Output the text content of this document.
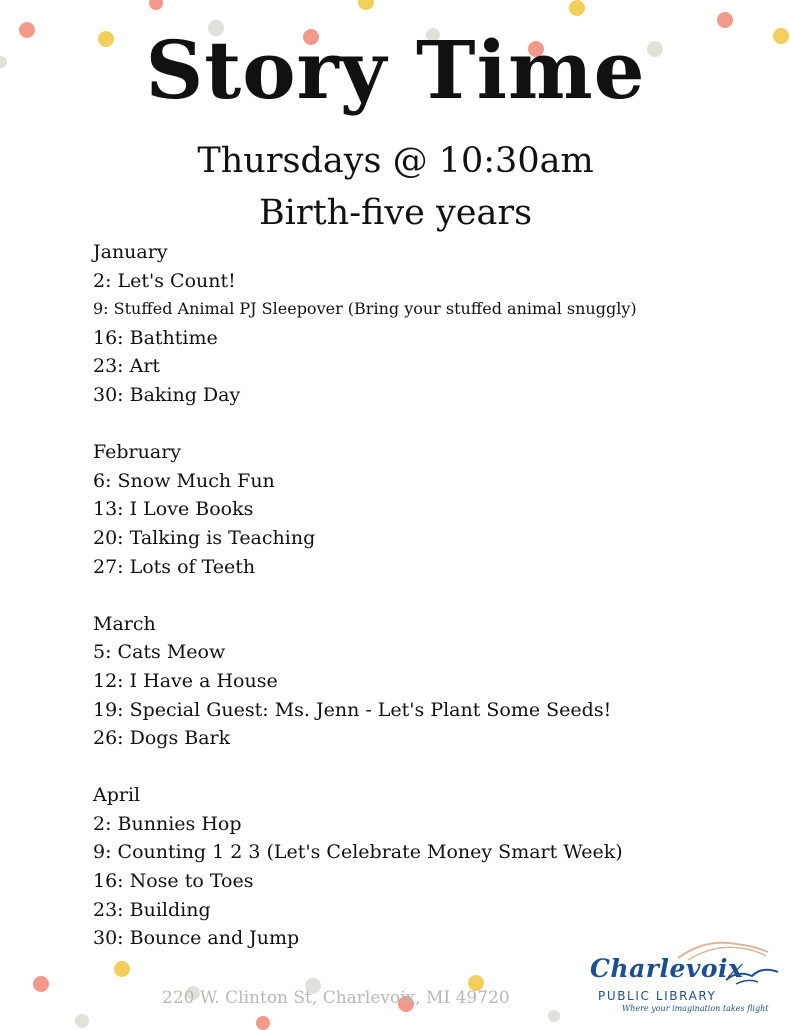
Story Time
Thursdays @ 10:30am
Birth-five years
January
2: Let's Count!
9: Stuffed Animal PJ Sleepover (Bring your stuffed animal snuggly)
16: Bathtime
23: Art
30: Baking Day
February
6: Snow Much Fun
13: I Love Books
20: Talking is Teaching
27: Lots of Teeth
March
5: Cats Meow
12: I Have a House
19: Special Guest: Ms. Jenn - Let's Plant Some Seeds!
26: Dogs Bark
April
2: Bunnies Hop
9: Counting 1 2 3 (Let's Celebrate Money Smart Week)
16: Nose to Toes
23: Building
30: Bounce and Jump
220 W. Clinton St, Charlevoix, MI 49720
Charlevoix
PUBLIC LIBRARY
Where your imagination takes flight
